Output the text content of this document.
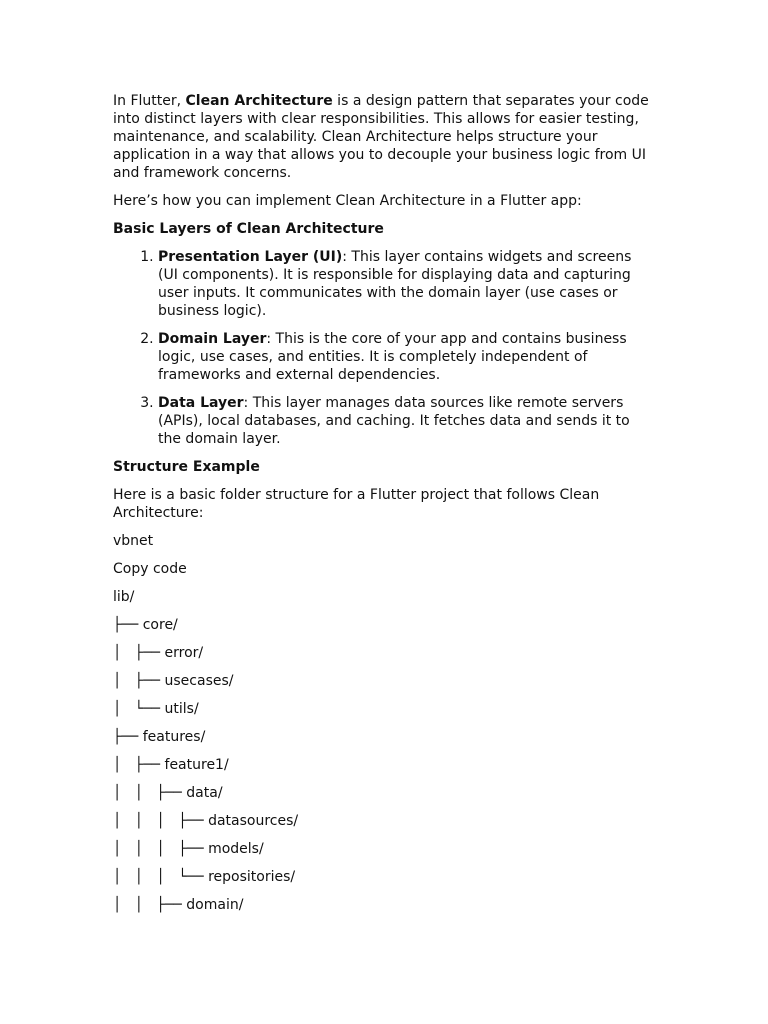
In Flutter, Clean Architecture is a design pattern that separates your code into distinct layers with clear responsibilities. This allows for easier testing, maintenance, and scalability. Clean Architecture helps structure your application in a way that allows you to decouple your business logic from UI and framework concerns.

Here’s how you can implement Clean Architecture in a Flutter app:

Basic Layers of Clean Architecture

1. Presentation Layer (UI): This layer contains widgets and screens (UI components). It is responsible for displaying data and capturing user inputs. It communicates with the domain layer (use cases or business logic).
2. Domain Layer: This is the core of your app and contains business logic, use cases, and entities. It is completely independent of frameworks and external dependencies.
3. Data Layer: This layer manages data sources like remote servers (APIs), local databases, and caching. It fetches data and sends it to the domain layer.

Structure Example

Here is a basic folder structure for a Flutter project that follows Clean Architecture:

vbnet

Copy code

lib/
├── core/
│   ├── error/
│   ├── usecases/
│   └── utils/
├── features/
│   ├── feature1/
│   │   ├── data/
│   │   │   ├── datasources/
│   │   │   ├── models/
│   │   │   └── repositories/
│   │   ├── domain/
